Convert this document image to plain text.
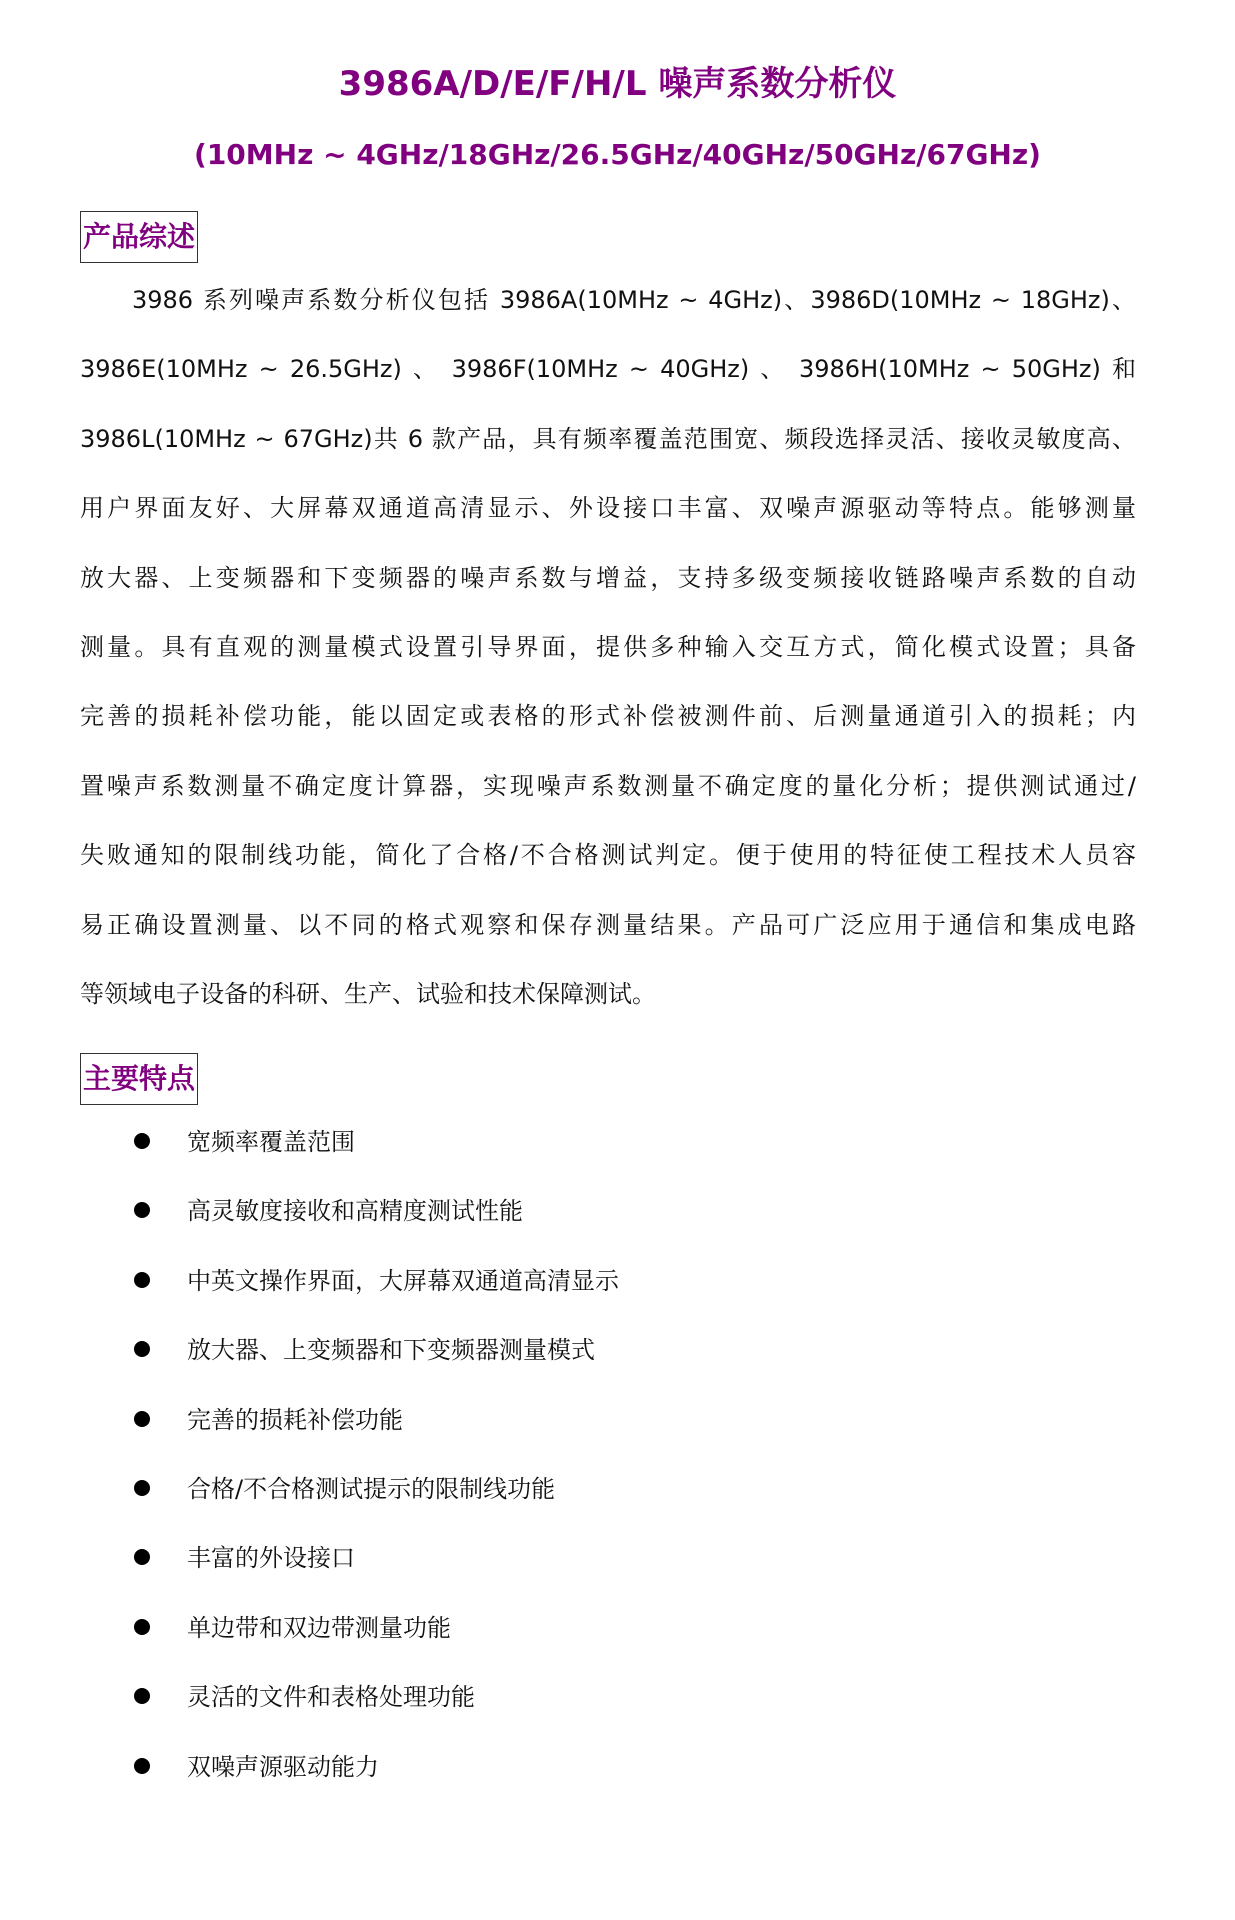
3986A/D/E/F/H/L 噪声系数分析仪
(10MHz ~ 4GHz/18GHz/26.5GHz/40GHz/50GHz/67GHz)
产品综述
3986 系列噪声系数分析仪包括 3986A(10MHz ~ 4GHz)、3986D(10MHz ~ 18GHz)、
3986E(10MHz ~ 26.5GHz) 、 3986F(10MHz ~ 40GHz) 、 3986H(10MHz ~ 50GHz) 和
3986L(10MHz ~ 67GHz)共 6 款产品，具有频率覆盖范围宽、频段选择灵活、接收灵敏度高、
用户界面友好、大屏幕双通道高清显示、外设接口丰富、双噪声源驱动等特点。能够测量
放大器、上变频器和下变频器的噪声系数与增益，支持多级变频接收链路噪声系数的自动
测量。具有直观的测量模式设置引导界面，提供多种输入交互方式，简化模式设置；具备
完善的损耗补偿功能，能以固定或表格的形式补偿被测件前、后测量通道引入的损耗；内
置噪声系数测量不确定度计算器，实现噪声系数测量不确定度的量化分析；提供测试通过/
失败通知的限制线功能，简化了合格/不合格测试判定。便于使用的特征使工程技术人员容
易正确设置测量、以不同的格式观察和保存测量结果。产品可广泛应用于通信和集成电路
等领域电子设备的科研、生产、试验和技术保障测试。
主要特点
宽频率覆盖范围
高灵敏度接收和高精度测试性能
中英文操作界面，大屏幕双通道高清显示
放大器、上变频器和下变频器测量模式
完善的损耗补偿功能
合格/不合格测试提示的限制线功能
丰富的外设接口
单边带和双边带测量功能
灵活的文件和表格处理功能
双噪声源驱动能力
